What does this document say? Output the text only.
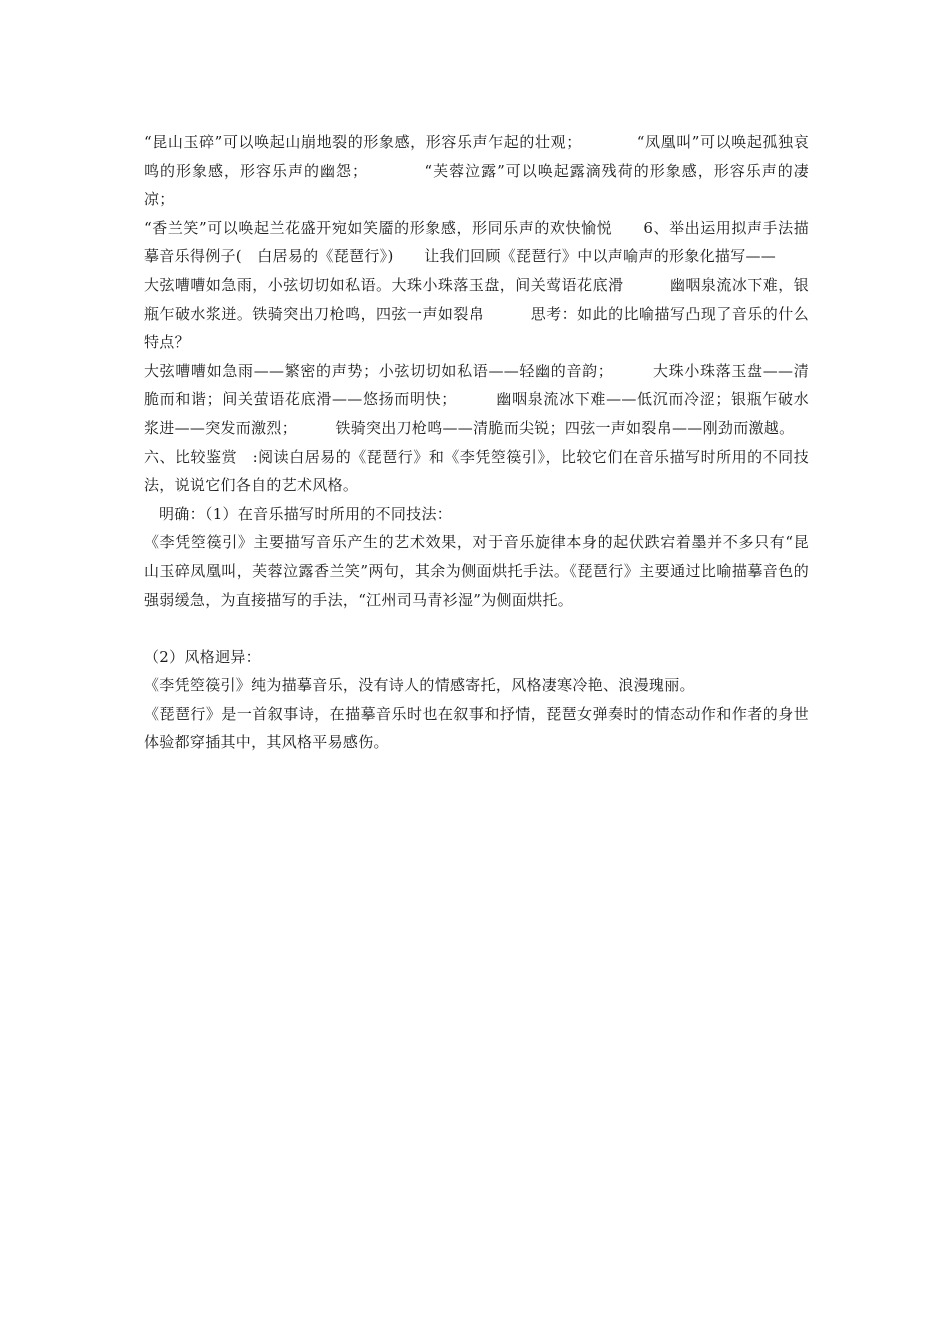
“昆山玉碎”可以唤起山崩地裂的形象感，形容乐声乍起的壮观；　　　　“凤凰叫”可以唤起孤独哀鸣的形象感，形容乐声的幽怨；　　　　“芙蓉泣露”可以唤起露滴残荷的形象感，形容乐声的凄凉；

“香兰笑”可以唤起兰花盛开宛如笑靥的形象感，形同乐声的欢快愉悦　　6、举出运用拟声手法描摹音乐得例子(　白居易的《琵琶行》)　　让我们回顾《琵琶行》中以声喻声的形象化描写——

大弦嘈嘈如急雨，小弦切切如私语。大珠小珠落玉盘，间关莺语花底滑　　　幽咽泉流冰下难，银瓶乍破水浆迸。铁骑突出刀枪鸣，四弦一声如裂帛　　　思考：如此的比喻描写凸现了音乐的什么特点？

大弦嘈嘈如急雨——繁密的声势；小弦切切如私语——轻幽的音韵；　　　大珠小珠落玉盘——清脆而和谐；间关萤语花底滑——悠扬而明快；　　　幽咽泉流冰下难——低沉而冷涩；银瓶乍破水浆进——突发而激烈；　　　铁骑突出刀枪鸣——清脆而尖锐；四弦一声如裂帛——刚劲而激越。

六、比较鉴赏　:阅读白居易的《琵琶行》和《李凭箜篌引》，比较它们在音乐描写时所用的不同技法，说说它们各自的艺术风格。

明确：（1）在音乐描写时所用的不同技法：

《李凭箜篌引》主要描写音乐产生的艺术效果，对于音乐旋律本身的起伏跌宕着墨并不多只有“昆山玉碎凤凰叫，芙蓉泣露香兰笑”两句，其余为侧面烘托手法。《琵琶行》主要通过比喻描摹音色的强弱缓急，为直接描写的手法，“江州司马青衫湿”为侧面烘托。

（2）风格迥异：

《李凭箜篌引》纯为描摹音乐，没有诗人的情感寄托，风格凄寒冷艳、浪漫瑰丽。

《琵琶行》是一首叙事诗，在描摹音乐时也在叙事和抒情，琵琶女弹奏时的情态动作和作者的身世体验都穿插其中，其风格平易感伤。
